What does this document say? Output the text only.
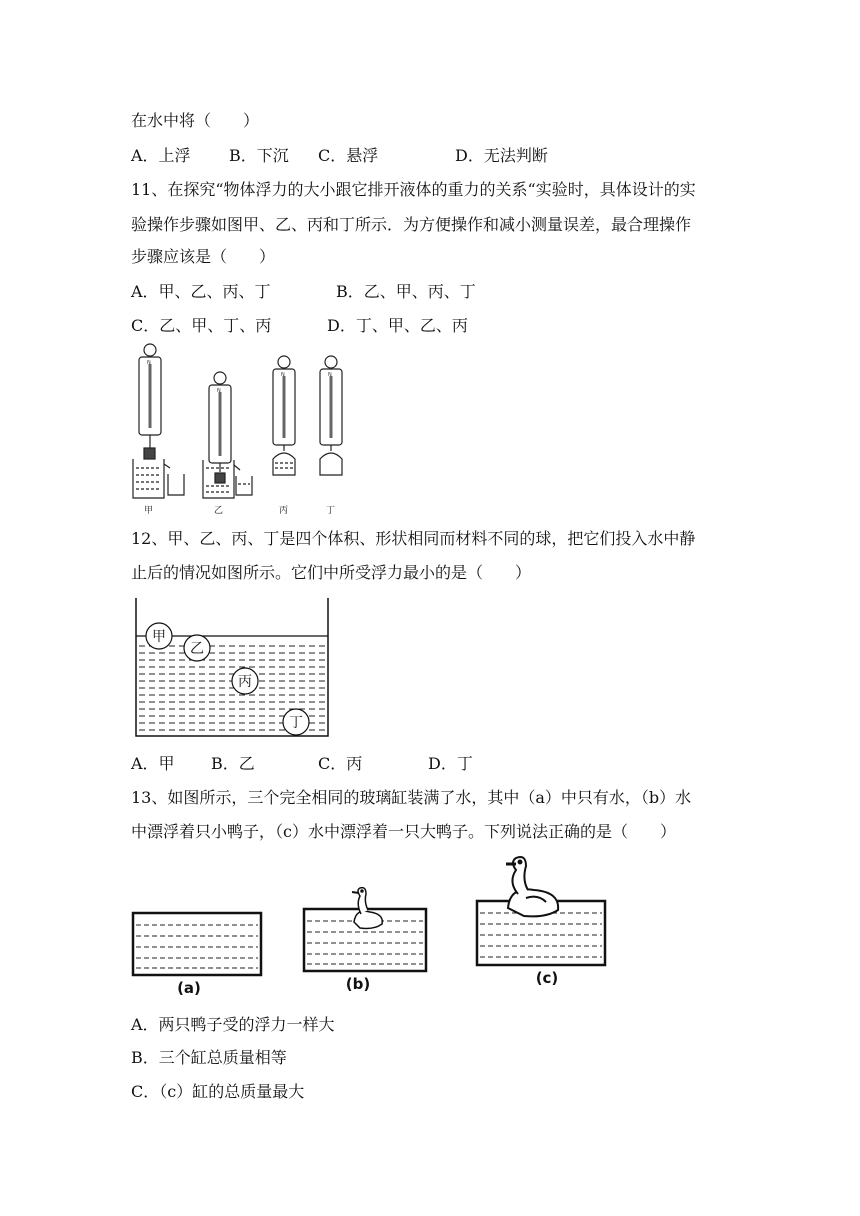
在水中将（　　）
A．上浮 B．下沉 C．悬浮	D．无法判断
11、在探究“物体浮力的大小跟它排开液体的重力的关系“实验时，具体设计的实
验操作步骤如图甲、乙、丙和丁所示．为方便操作和减小测量误差，最合理操作
步骤应该是（　　）
A．甲、乙、丙、丁	B．乙、甲、丙、丁
C．乙、甲、丁、丙	D．丁、甲、乙、丙
N
N
N	N
甲	乙	丙	丁
12、甲、乙、丙、丁是四个体积、形状相同而材料不同的球，把它们投入水中静
止后的情况如图所示。它们中所受浮力最小的是（　　）
甲
乙
丙
丁
A．甲 B．乙	C．丙	D．丁
13、如图所示，三个完全相同的玻璃缸装满了水，其中（a）中只有水，（b）水
中漂浮着只小鸭子，（c）水中漂浮着一只大鸭子。下列说法正确的是（　　）
(a)	(b)	(c)
A．两只鸭子受的浮力一样大
B．三个缸总质量相等
C．（c）缸的总质量最大
